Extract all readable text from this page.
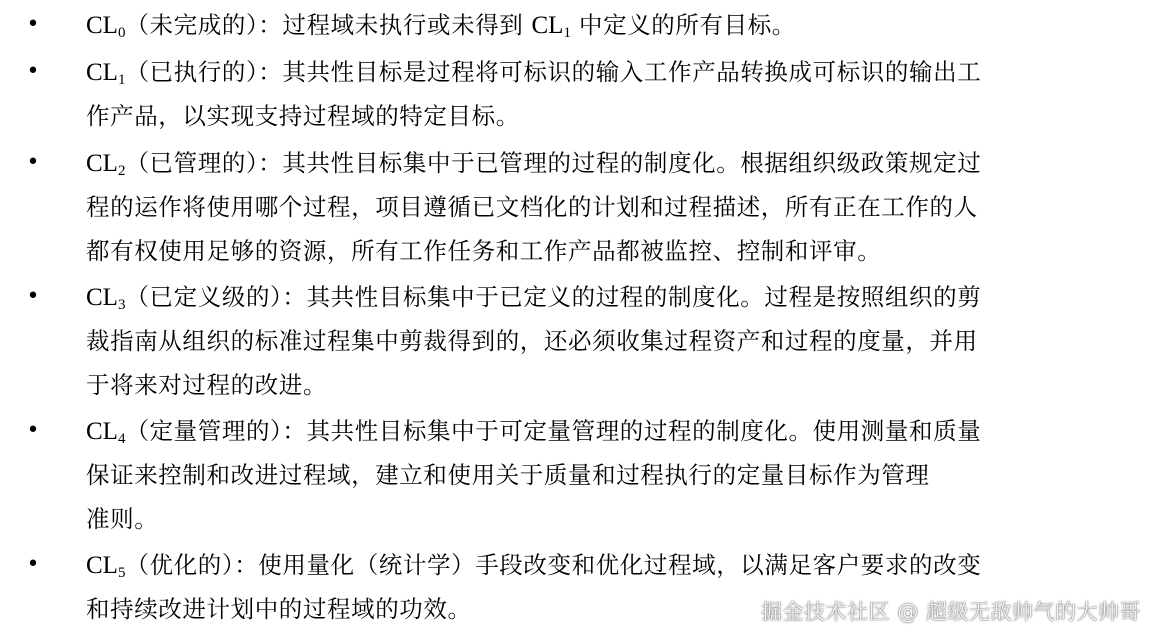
• $CL_0$（未完成的）：过程域未执行或未得到 $CL_1$ 中定义的所有目标。
• $CL_1$（已执行的）：其共性目标是过程将可标识的输入工作产品转换成可标识的输出工
作产品，以实现支持过程域的特定目标。
• $CL_2$（已管理的）：其共性目标集中于已管理的过程的制度化。根据组织级政策规定过
程的运作将使用哪个过程，项目遵循已文档化的计划和过程描述，所有正在工作的人
都有权使用足够的资源，所有工作任务和工作产品都被监控、控制和评审。
• $CL_3$（已定义级的）：其共性目标集中于已定义的过程的制度化。过程是按照组织的剪
裁指南从组织的标准过程集中剪裁得到的，还必须收集过程资产和过程的度量，并用
于将来对过程的改进。
• $CL_4$（定量管理的）：其共性目标集中于可定量管理的过程的制度化。使用测量和质量
保证来控制和改进过程域，建立和使用关于质量和过程执行的定量目标作为管理
准则。
• $CL_5$（优化的）：使用量化（统计学）手段改变和优化过程域，以满足客户要求的改变
和持续改进计划中的过程域的功效。	掘金技术社区 @ 超级无敌帅气的大帅哥
